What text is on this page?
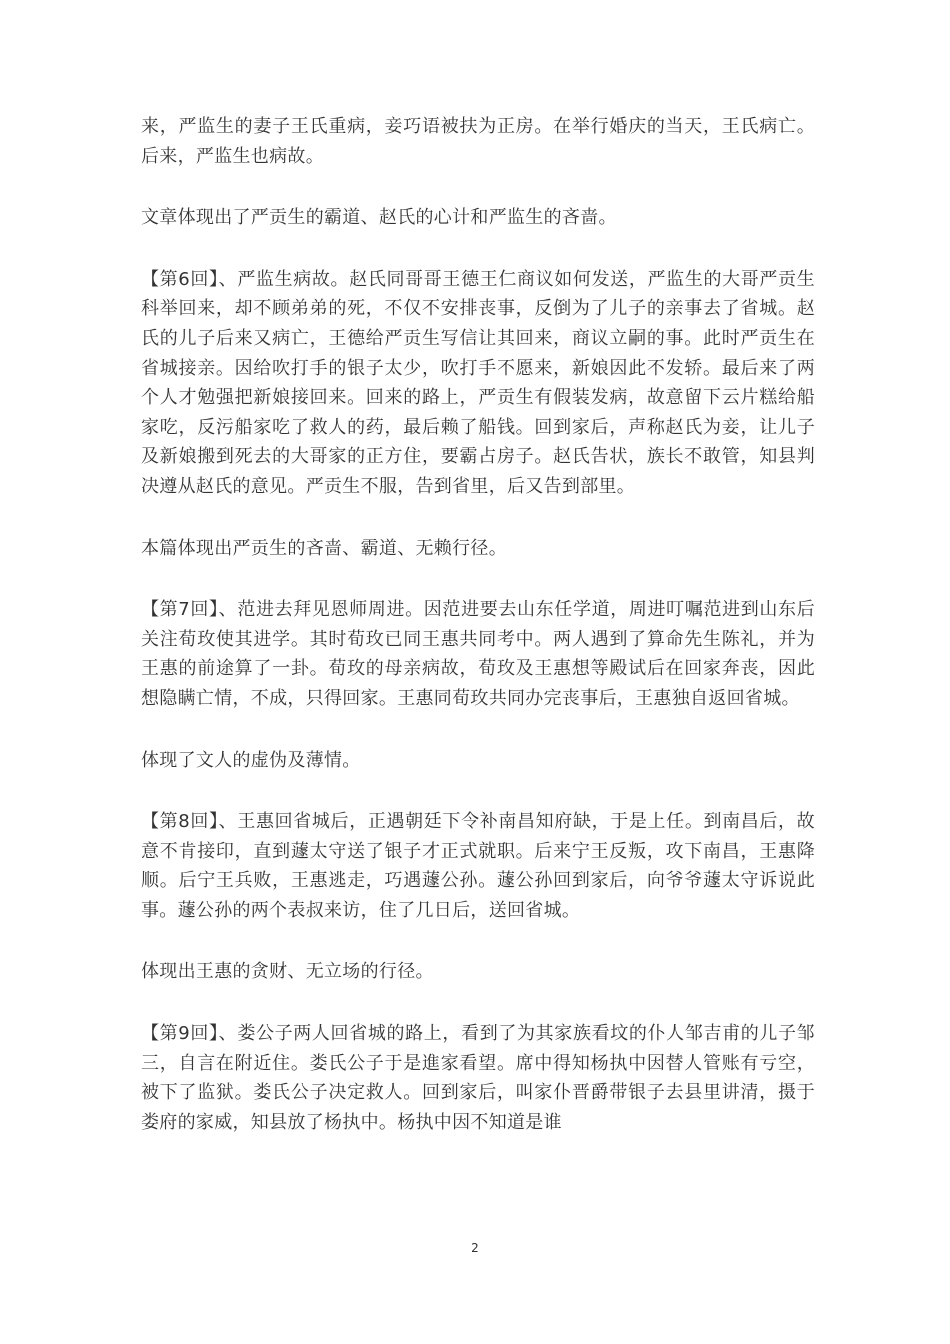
来，严监生的妻子王氏重病，妾巧语被扶为正房。在举行婚庆的当天，王氏病亡。后来，严监生也病故。

文章体现出了严贡生的霸道、赵氏的心计和严监生的吝啬。

【第6回】、严监生病故。赵氏同哥哥王德王仁商议如何发送，严监生的大哥严贡生科举回来，却不顾弟弟的死，不仅不安排丧事，反倒为了儿子的亲事去了省城。赵氏的儿子后来又病亡，王德给严贡生写信让其回来，商议立嗣的事。此时严贡生在省城接亲。因给吹打手的银子太少，吹打手不愿来，新娘因此不发轿。最后来了两个人才勉强把新娘接回来。回来的路上，严贡生有假装发病，故意留下云片糕给船家吃，反污船家吃了救人的药，最后赖了船钱。回到家后，声称赵氏为妾，让儿子及新娘搬到死去的大哥家的正方住，要霸占房子。赵氏告状，族长不敢管，知县判决遵从赵氏的意见。严贡生不服，告到省里，后又告到部里。

本篇体现出严贡生的吝啬、霸道、无赖行径。

【第7回】、范进去拜见恩师周进。因范进要去山东任学道，周进叮嘱范进到山东后关注荀玫使其进学。其时荀玫已同王惠共同考中。两人遇到了算命先生陈礼，并为王惠的前途算了一卦。荀玫的母亲病故，荀玫及王惠想等殿试后在回家奔丧，因此想隐瞒亡情，不成，只得回家。王惠同荀玫共同办完丧事后，王惠独自返回省城。

体现了文人的虚伪及薄情。

【第8回】、王惠回省城后，正遇朝廷下令补南昌知府缺，于是上任。到南昌后，故意不肯接印，直到蘧太守送了银子才正式就职。后来宁王反叛，攻下南昌，王惠降顺。后宁王兵败，王惠逃走，巧遇蘧公孙。蘧公孙回到家后，向爷爷蘧太守诉说此事。蘧公孙的两个表叔来访，住了几日后，送回省城。

体现出王惠的贪财、无立场的行径。

【第9回】、娄公子两人回省城的路上，看到了为其家族看坟的仆人邹吉甫的儿子邹三，自言在附近住。娄氏公子于是進家看望。席中得知杨执中因替人管账有亏空，被下了监狱。娄氏公子决定救人。回到家后，叫家仆晋爵带银子去县里讲清，摄于娄府的家威，知县放了杨执中。杨执中因不知道是谁

2
